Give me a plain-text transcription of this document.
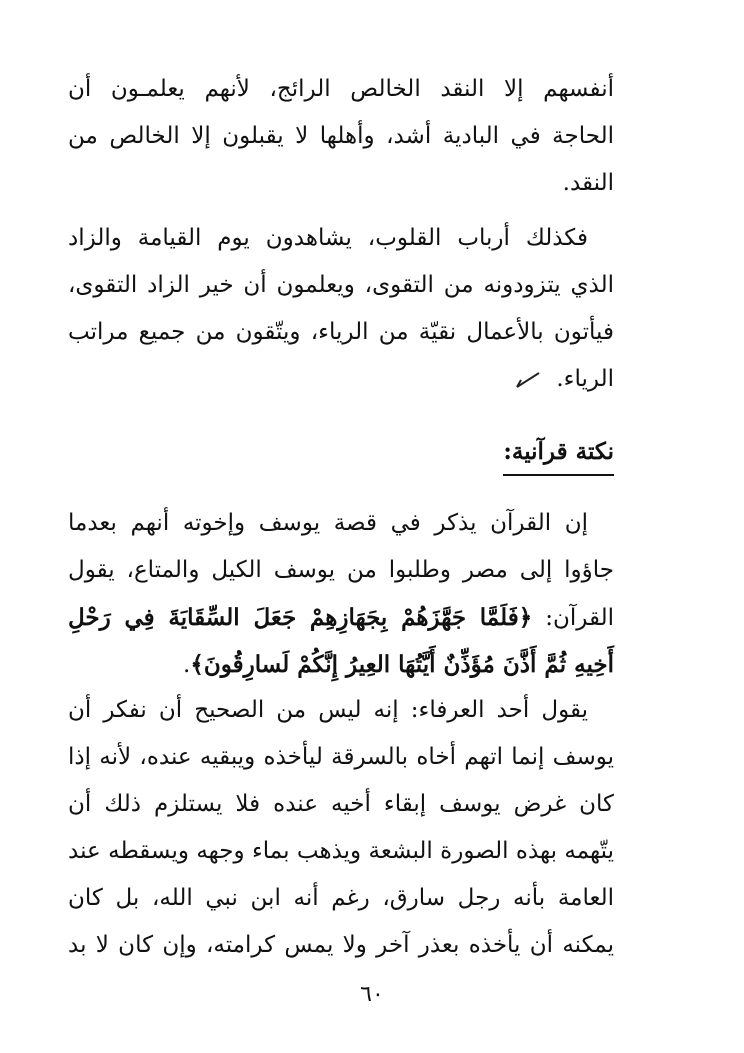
أنفسهم إلا النقد الخالص الرائج، لأنهم يعلمـون أن
الحاجة في البادية أشد، وأهلها لا يقبلون إلا الخالص من
النقد.
فكذلك أرباب القلوب، يشاهدون يوم القيامة والزاد
الذي يتزودونه من التقوى، ويعلمون أن خير الزاد التقوى،
فيأتون بالأعمال نقيّة من الرياء، ويتّقون من جميع مراتب
الرياء.
نكتة قرآنية:
إن القرآن يذكر في قصة يوسف وإخوته أنهم بعدما
جاؤوا إلى مصر وطلبوا من يوسف الكيل والمتاع، يقول
القرآن: ﴿فَلَمَّا جَهَّزَهُمْ بِجَهَازِهِمْ جَعَلَ السِّقَايَةَ فِي رَحْلِ
أَخِيهِ ثُمَّ أَذَّنَ مُؤَذِّنٌ أَيَّتُهَا العِيرُ إِنَّكُمْ لَسارِقُونَ﴾.
يقول أحد العرفاء: إنه ليس من الصحيح أن نفكر أن
يوسف إنما اتهم أخاه بالسرقة ليأخذه ويبقيه عنده، لأنه إذا
كان غرض يوسف إبقاء أخيه عنده فلا يستلزم ذلك أن
يتّهمه بهذه الصورة البشعة ويذهب بماء وجهه ويسقطه عند
العامة بأنه رجل سارق، رغم أنه ابن نبي الله، بل كان
يمكنه أن يأخذه بعذر آخر ولا يمس كرامته، وإن كان لا بد
٦٠
